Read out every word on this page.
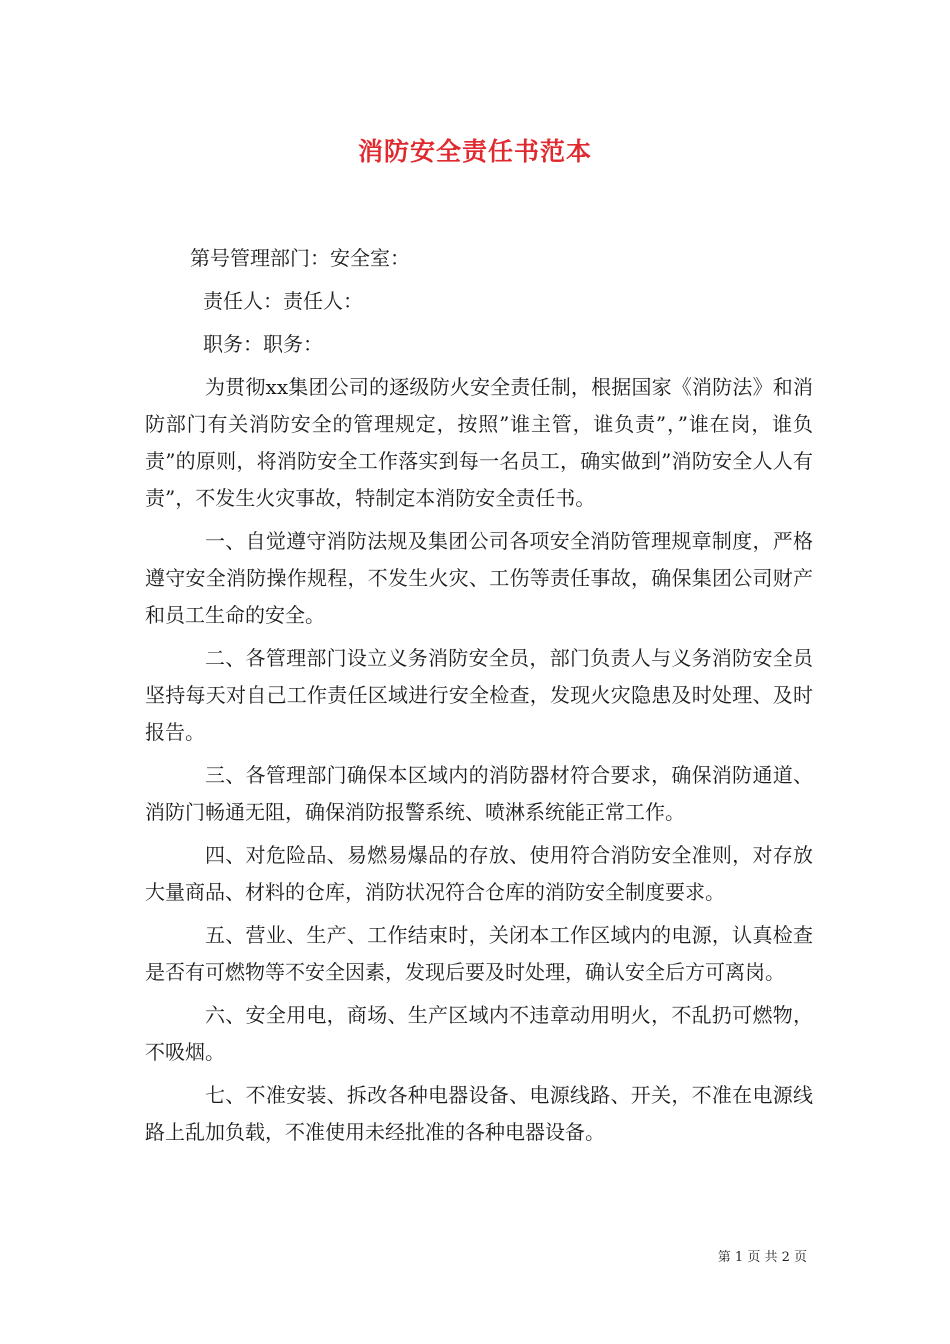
消防安全责任书范本
第号管理部门：安全室：
责任人：责任人：
职务：职务：

为贯彻xx集团公司的逐级防火安全责任制，根据国家《消防法》和消防部门有关消防安全的管理规定，按照”谁主管，谁负责”，”谁在岗，谁负责”的原则，将消防安全工作落实到每一名员工，确实做到”消防安全人人有责”，不发生火灾事故，特制定本消防安全责任书。

一、自觉遵守消防法规及集团公司各项安全消防管理规章制度，严格遵守安全消防操作规程，不发生火灾、工伤等责任事故，确保集团公司财产和员工生命的安全。

二、各管理部门设立义务消防安全员，部门负责人与义务消防安全员坚持每天对自己工作责任区域进行安全检查，发现火灾隐患及时处理、及时报告。

三、各管理部门确保本区域内的消防器材符合要求，确保消防通道、消防门畅通无阻，确保消防报警系统、喷淋系统能正常工作。

四、对危险品、易燃易爆品的存放、使用符合消防安全准则，对存放大量商品、材料的仓库，消防状况符合仓库的消防安全制度要求。

五、营业、生产、工作结束时，关闭本工作区域内的电源，认真检查是否有可燃物等不安全因素，发现后要及时处理，确认安全后方可离岗。

六、安全用电，商场、生产区域内不违章动用明火，不乱扔可燃物，不吸烟。

七、不准安装、拆改各种电器设备、电源线路、开关，不准在电源线路上乱加负载，不准使用未经批准的各种电器设备。

第 1 页 共 2 页
